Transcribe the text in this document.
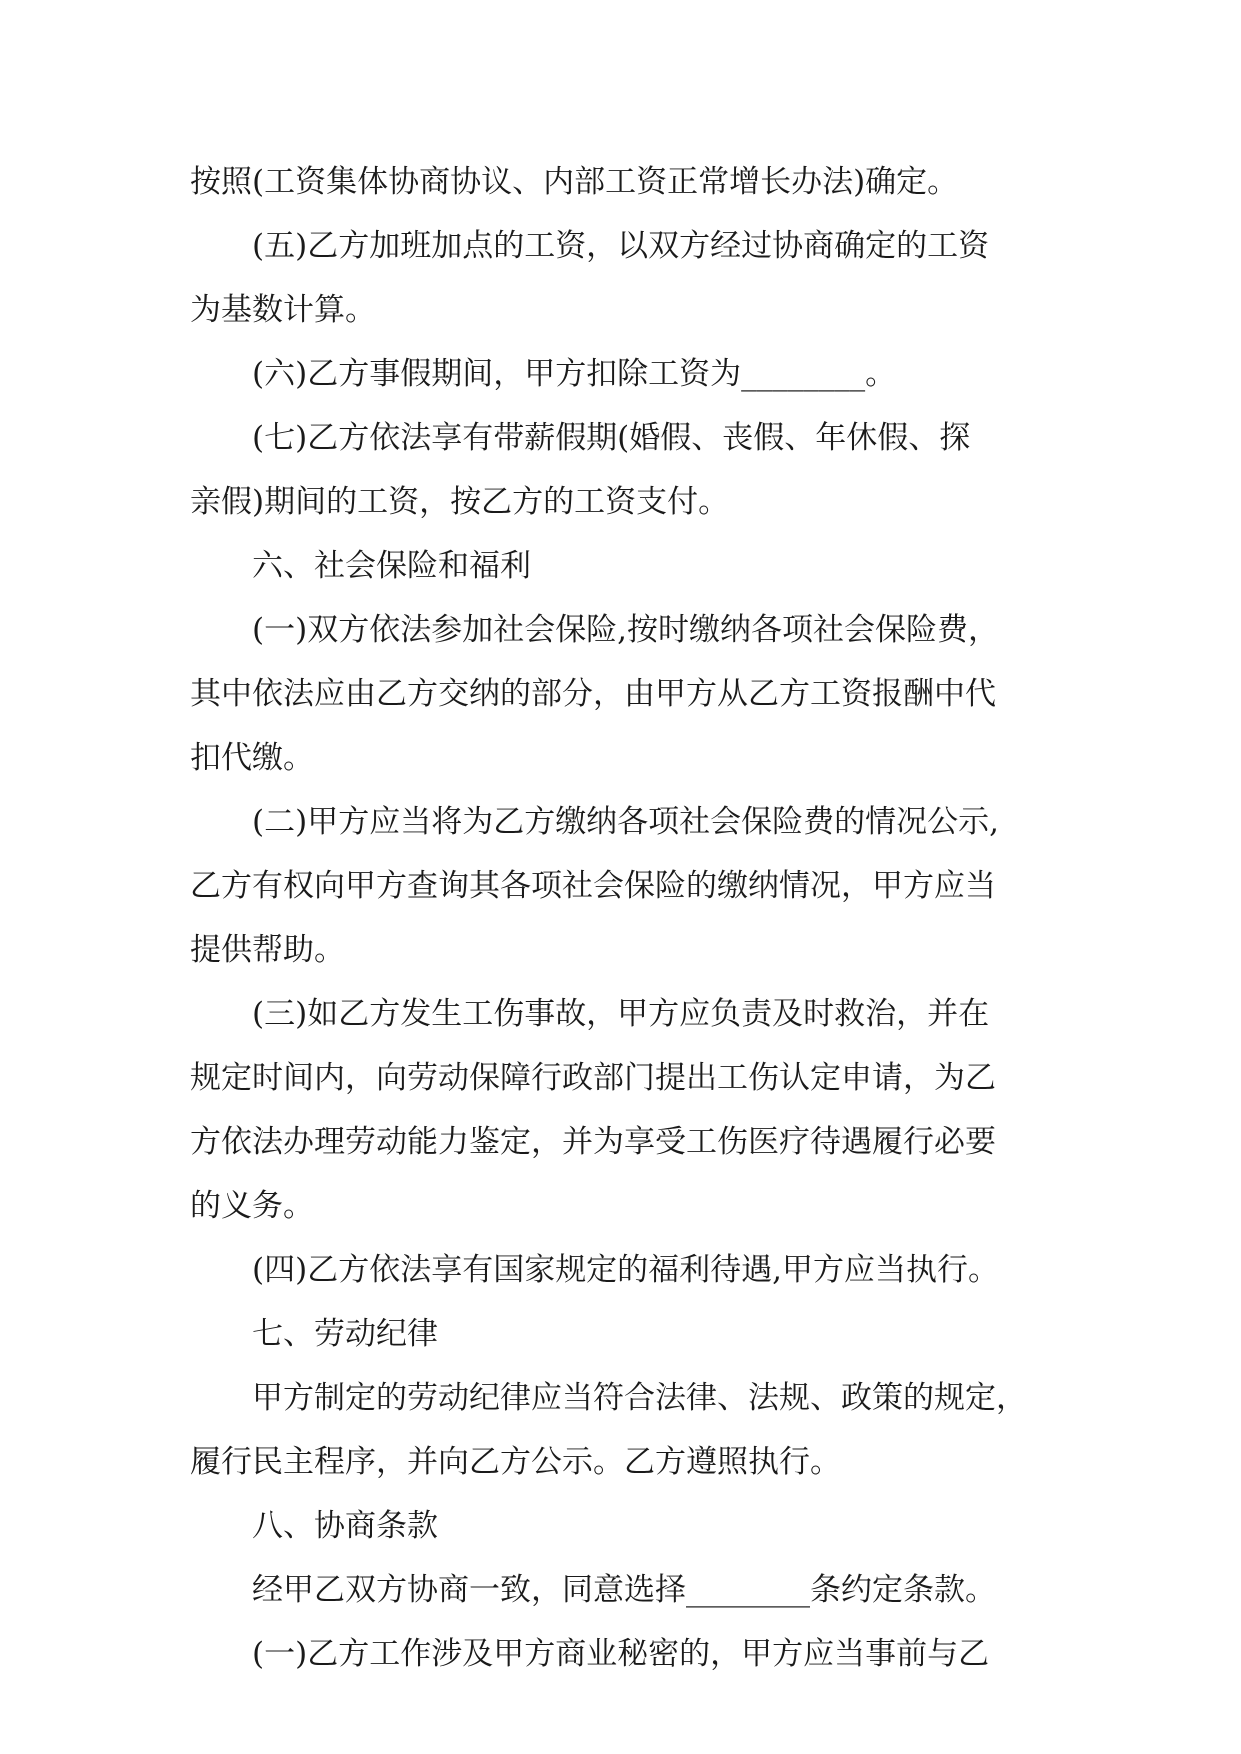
按照(工资集体协商协议、内部工资正常增长办法)确定。
(五)乙方加班加点的工资，以双方经过协商确定的工资
为基数计算。
(六)乙方事假期间，甲方扣除工资为________。
(七)乙方依法享有带薪假期(婚假、丧假、年休假、探
亲假)期间的工资，按乙方的工资支付。
六、社会保险和福利
(一)双方依法参加社会保险,按时缴纳各项社会保险费，
其中依法应由乙方交纳的部分，由甲方从乙方工资报酬中代
扣代缴。
(二)甲方应当将为乙方缴纳各项社会保险费的情况公示,
乙方有权向甲方查询其各项社会保险的缴纳情况，甲方应当
提供帮助。
(三)如乙方发生工伤事故，甲方应负责及时救治，并在
规定时间内，向劳动保障行政部门提出工伤认定申请，为乙
方依法办理劳动能力鉴定，并为享受工伤医疗待遇履行必要
的义务。
(四)乙方依法享有国家规定的福利待遇,甲方应当执行。
七、劳动纪律
甲方制定的劳动纪律应当符合法律、法规、政策的规定，
履行民主程序，并向乙方公示。乙方遵照执行。
八、协商条款
经甲乙双方协商一致，同意选择________条约定条款。
(一)乙方工作涉及甲方商业秘密的，甲方应当事前与乙
